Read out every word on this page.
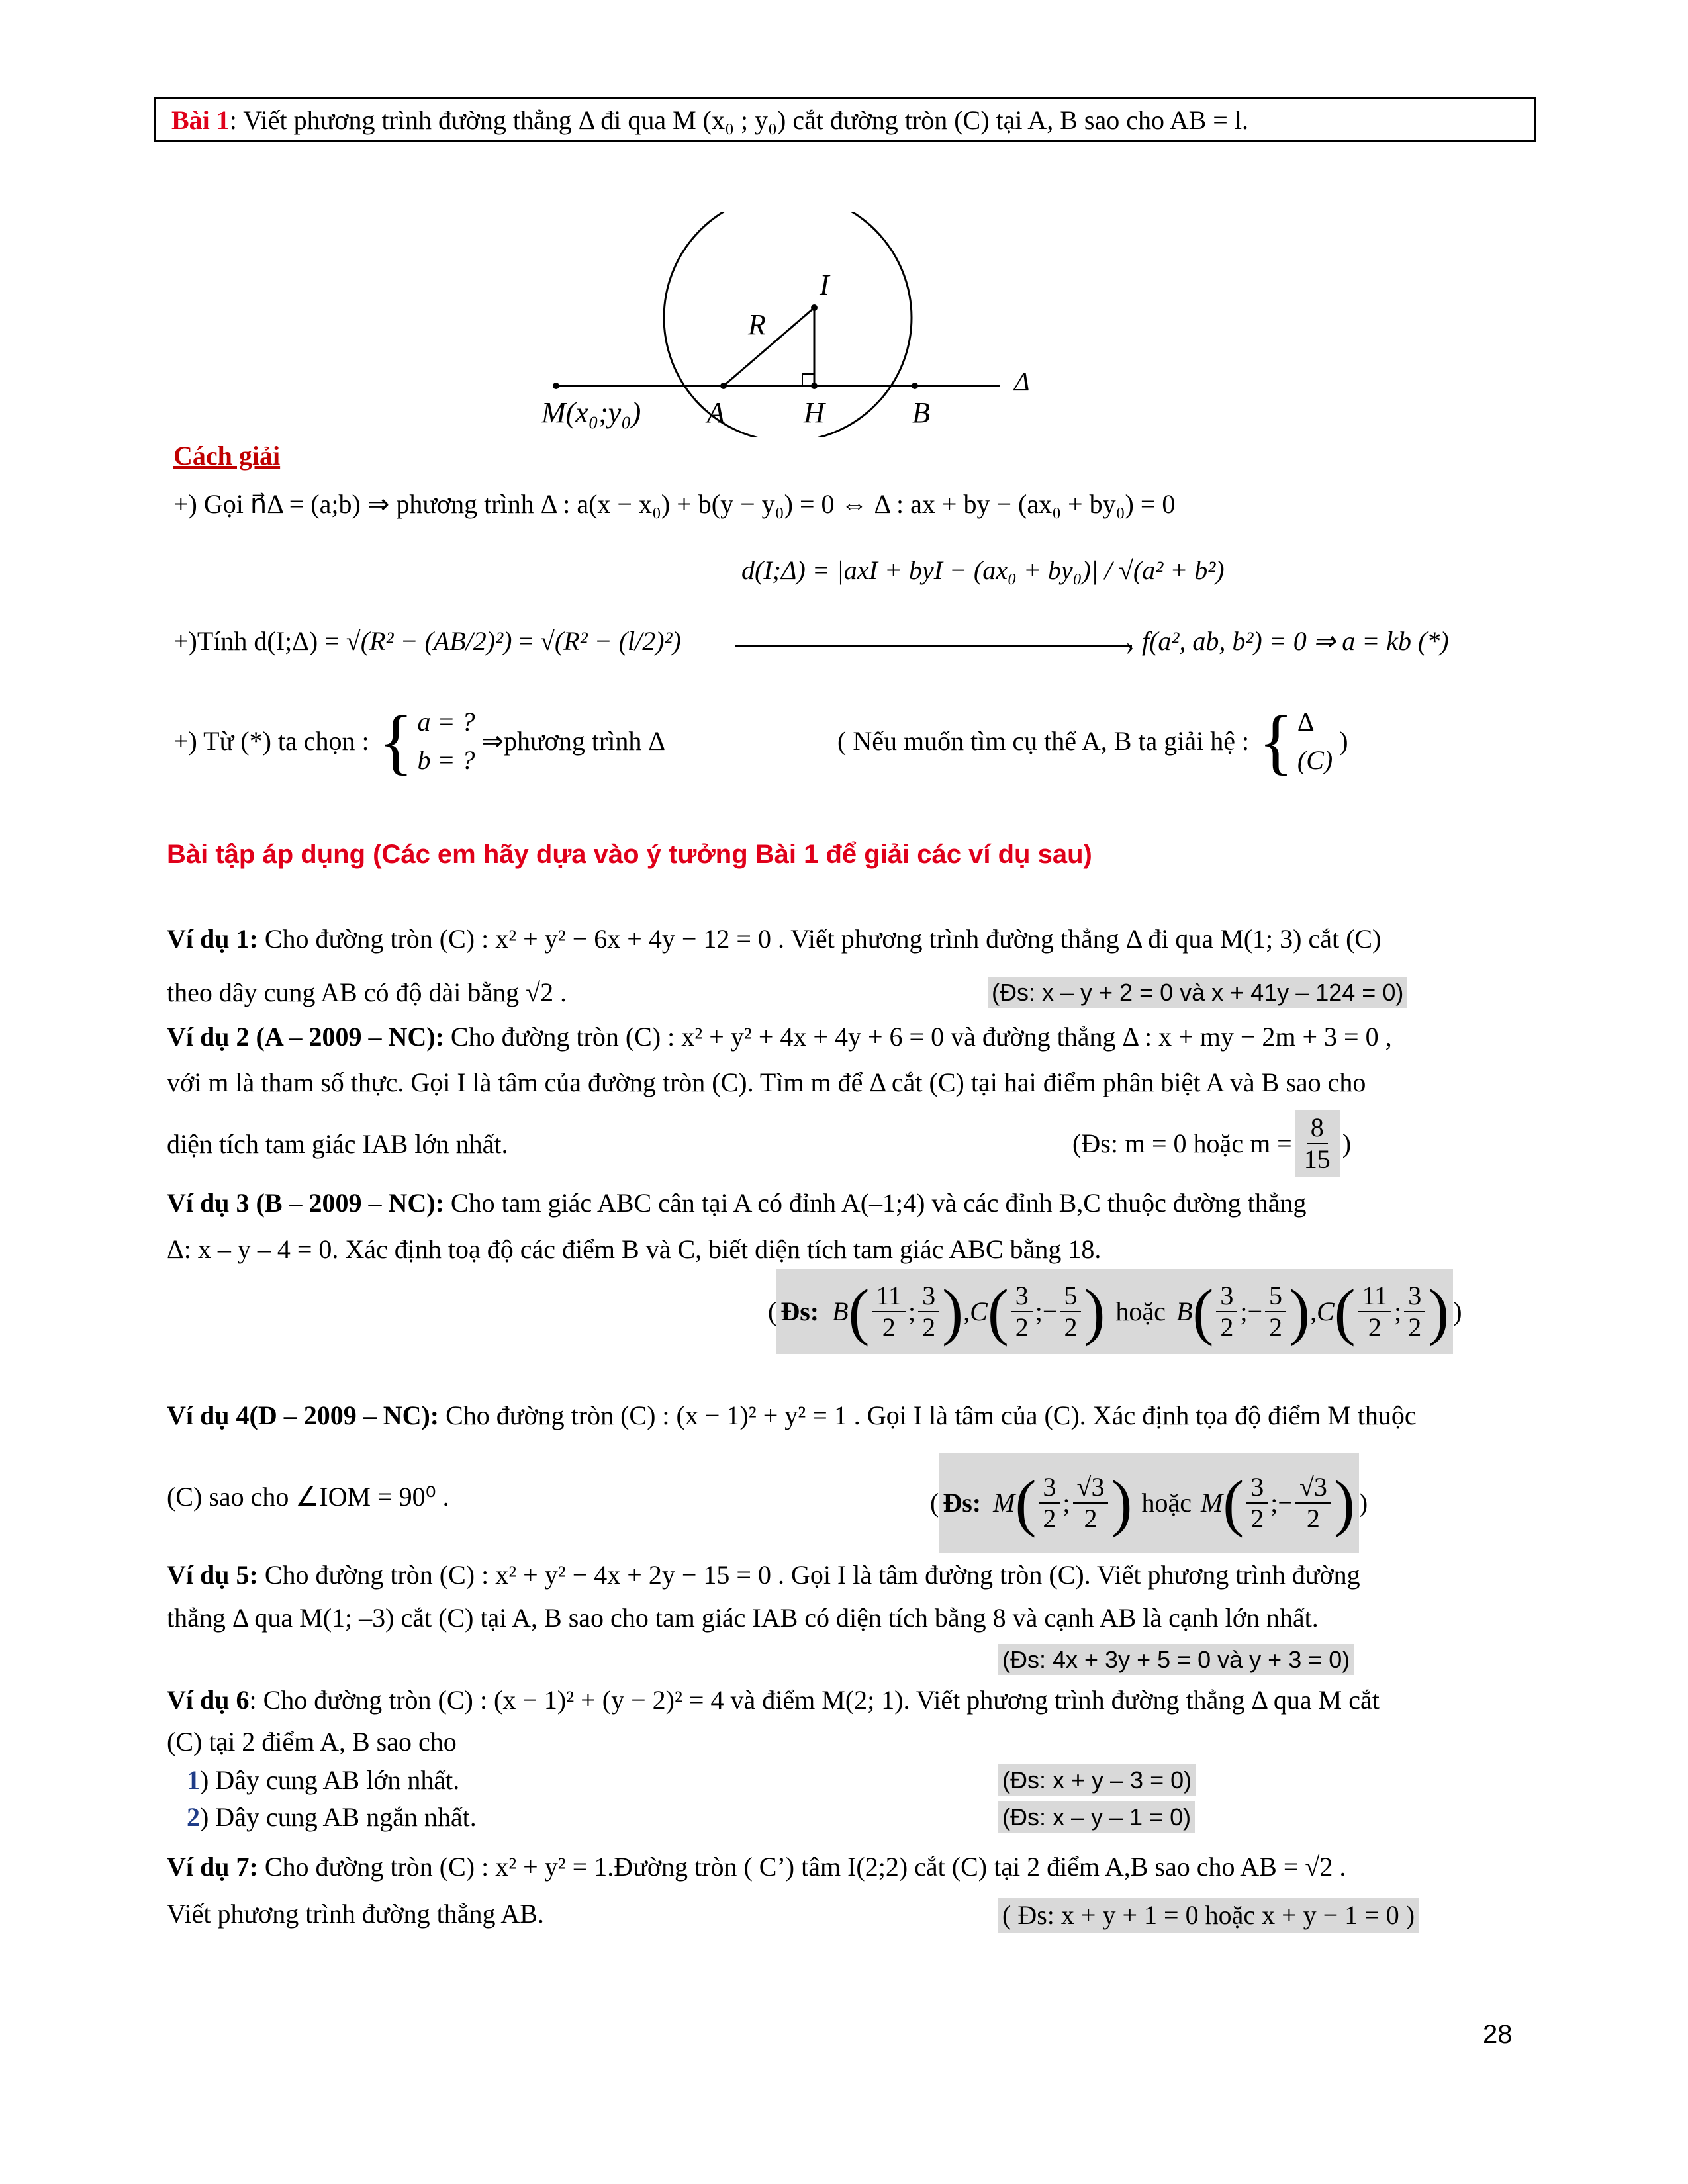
Bài 1: Viết phương trình đường thẳng Δ đi qua M (x₀ ; y₀) cắt đường tròn (C) tại A, B sao cho AB = l.
I
R
M(x₀;y₀) A	H	B
Δ
Cách giải
+) Gọi n⃗Δ = (a;b) ⇒ phương trình Δ : a(x − x₀) + b(y − y₀) = 0 ⇔ Δ : ax + by − (ax₀ + by₀) = 0
d(I;Δ) = |axI + byI − (ax₀ + by₀)| / √(a² + b²)
›
+)Tính d(I;Δ) = √(R² − (AB/2)²) = √(R² − (l/2)²)	f(a², ab, b²) = 0 ⇒ a = kb (*)
+) Từ (*) ta chọn : { a = ?
b = ?
⇒phương trình Δ	( Nếu muốn tìm cụ thể A, B ta giải hệ : { Δ
(C)
)
Bài tập áp dụng (Các em hãy dựa vào ý tưởng Bài 1 để giải các ví dụ sau)
Ví dụ 1: Cho đường tròn (C) : x² + y² − 6x + 4y − 12 = 0 . Viết phương trình đường thẳng Δ đi qua M(1; 3) cắt (C)
theo dây cung AB có độ dài bằng √2 .	(Đs: x – y + 2 = 0 và x + 41y – 124 = 0)
Ví dụ 2 (A – 2009 – NC): Cho đường tròn (C) : x² + y² + 4x + 4y + 6 = 0 và đường thẳng Δ : x + my − 2m + 3 = 0 ,
với m là tham số thực. Gọi I là tâm của đường tròn (C). Tìm m để Δ cắt (C) tại hai điểm phân biệt A và B sao cho
diện tích tam giác IAB lớn nhất.	(Đs: m = 0 hoặc $m = \frac{8}{15}$ )
Ví dụ 3 (B – 2009 – NC): Cho tam giác ABC cân tại A có đỉnh A(–1;4) và các đỉnh B,C thuộc đường thẳng
Δ: x – y – 4 = 0. Xác định toạ độ các điểm B và C, biết diện tích tam giác ABC bằng 18.
( Đs: B ( $\frac{11}{2}$ ; $\frac{3}{2}$ ) ,C ( $\frac{3}{2}$ ;− $\frac{5}{2}$ ) hoặc B ( $\frac{3}{2}$ ;− $\frac{5}{2}$ ) ,C ( $\frac{11}{2}$ ; $\frac{3}{2}$ ) )
Ví dụ 4(D – 2009 – NC): Cho đường tròn (C) : (x − 1)² + y² = 1 . Gọi I là tâm của (C). Xác định tọa độ điểm M thuộc
(C) sao cho ∠IOM = 90⁰ .	( Đs: M ( $\frac{3}{2}$ ; $\frac{√3}{2}$ ) hoặc M ( $\frac{3}{2}$ ;− $\frac{√3}{2}$ ) )
Ví dụ 5: Cho đường tròn (C) : x² + y² − 4x + 2y − 15 = 0 . Gọi I là tâm đường tròn (C). Viết phương trình đường
thẳng Δ qua M(1; –3) cắt (C) tại A, B sao cho tam giác IAB có diện tích bằng 8 và cạnh AB là cạnh lớn nhất.
(Đs: 4x + 3y + 5 = 0 và y + 3 = 0)
Ví dụ 6: Cho đường tròn (C) : (x − 1)² + (y − 2)² = 4 và điểm M(2; 1). Viết phương trình đường thẳng Δ qua M cắt
(C) tại 2 điểm A, B sao cho
1) Dây cung AB lớn nhất.	(Đs: x + y – 3 = 0)
2) Dây cung AB ngắn nhất.	(Đs: x – y – 1 = 0)
Ví dụ 7: Cho đường tròn (C) : x² + y² = 1.Đường tròn ( C’) tâm I(2;2) cắt (C) tại 2 điểm A,B sao cho AB = √2 .
Viết phương trình đường thẳng AB.	( Đs: x + y + 1 = 0 hoặc x + y − 1 = 0 )
28
